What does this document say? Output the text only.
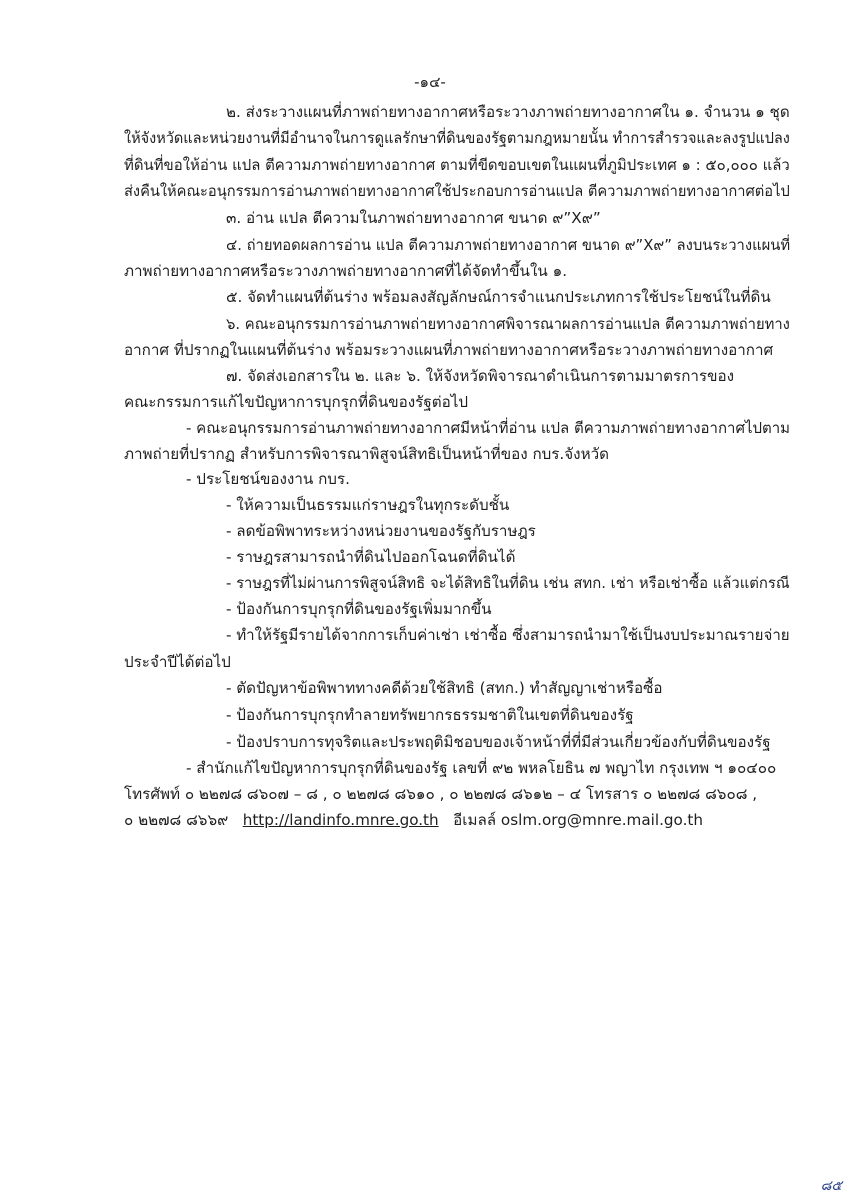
-๑๔-
๒. ส่งระวางแผนที่ภาพถ่ายทางอากาศหรือระวางภาพถ่ายทางอากาศใน ๑. จำนวน ๑ ชุด
ให้จังหวัดและหน่วยงานที่มีอำนาจในการดูแลรักษาที่ดินของรัฐตามกฎหมายนั้น ทำการสำรวจและลงรูปแปลง
ที่ดินที่ขอให้อ่าน แปล ตีความภาพถ่ายทางอากาศ ตามที่ขีดขอบเขตในแผนที่ภูมิประเทศ ๑ : ๕๐,๐๐๐ แล้ว
ส่งคืนให้คณะอนุกรรมการอ่านภาพถ่ายทางอากาศใช้ประกอบการอ่านแปล ตีความภาพถ่ายทางอากาศต่อไป
๓. อ่าน แปล ตีความในภาพถ่ายทางอากาศ ขนาด ๙”X๙”
๔. ถ่ายทอดผลการอ่าน แปล ตีความภาพถ่ายทางอากาศ ขนาด ๙”X๙” ลงบนระวางแผนที่
ภาพถ่ายทางอากาศหรือระวางภาพถ่ายทางอากาศที่ได้จัดทำขึ้นใน ๑.
๕. จัดทำแผนที่ต้นร่าง พร้อมลงสัญลักษณ์การจำแนกประเภทการใช้ประโยชน์ในที่ดิน
๖. คณะอนุกรรมการอ่านภาพถ่ายทางอากาศพิจารณาผลการอ่านแปล ตีความภาพถ่ายทาง
อากาศ ที่ปรากฏในแผนที่ต้นร่าง พร้อมระวางแผนที่ภาพถ่ายทางอากาศหรือระวางภาพถ่ายทางอากาศ
๗. จัดส่งเอกสารใน ๒. และ ๖. ให้จังหวัดพิจารณาดำเนินการตามมาตรการของ
คณะกรรมการแก้ไขปัญหาการบุกรุกที่ดินของรัฐต่อไป
- คณะอนุกรรมการอ่านภาพถ่ายทางอากาศมีหน้าที่อ่าน แปล ตีความภาพถ่ายทางอากาศไปตาม
ภาพถ่ายที่ปรากฏ สำหรับการพิจารณาพิสูจน์สิทธิเป็นหน้าที่ของ กบร.จังหวัด
- ประโยชน์ของงาน กบร.
- ให้ความเป็นธรรมแก่ราษฎรในทุกระดับชั้น
- ลดข้อพิพาทระหว่างหน่วยงานของรัฐกับราษฎร
- ราษฎรสามารถนำที่ดินไปออกโฉนดที่ดินได้
- ราษฎรที่ไม่ผ่านการพิสูจน์สิทธิ จะได้สิทธิในที่ดิน เช่น สทก. เช่า หรือเช่าซื้อ แล้วแต่กรณี
- ป้องกันการบุกรุกที่ดินของรัฐเพิ่มมากขึ้น
- ทำให้รัฐมีรายได้จากการเก็บค่าเช่า เช่าซื้อ ซึ่งสามารถนำมาใช้เป็นงบประมาณรายจ่าย
ประจำปีได้ต่อไป
- ตัดปัญหาข้อพิพาททางคดีด้วยใช้สิทธิ (สทก.) ทำสัญญาเช่าหรือซื้อ
- ป้องกันการบุกรุกทำลายทรัพยากรธรรมชาติในเขตที่ดินของรัฐ
- ป้องปราบการทุจริตและประพฤติมิชอบของเจ้าหน้าที่ที่มีส่วนเกี่ยวข้องกับที่ดินของรัฐ
- สำนักแก้ไขปัญหาการบุกรุกที่ดินของรัฐ เลขที่ ๙๒ พหลโยธิน ๗ พญาไท กรุงเทพ ฯ ๑๐๔๐๐
โทรศัพท์ ๐ ๒๒๗๘ ๘๖๐๗ – ๘ , ๐ ๒๒๗๘ ๘๖๑๐ , ๐ ๒๒๗๘ ๘๖๑๒ – ๔ โทรสาร ๐ ๒๒๗๘ ๘๖๐๘ ,
๐ ๒๒๗๘ ๘๖๖๙ http://landinfo.mnre.go.th อีเมลล์ oslm.org@mnre.mail.go.th
๘๕
